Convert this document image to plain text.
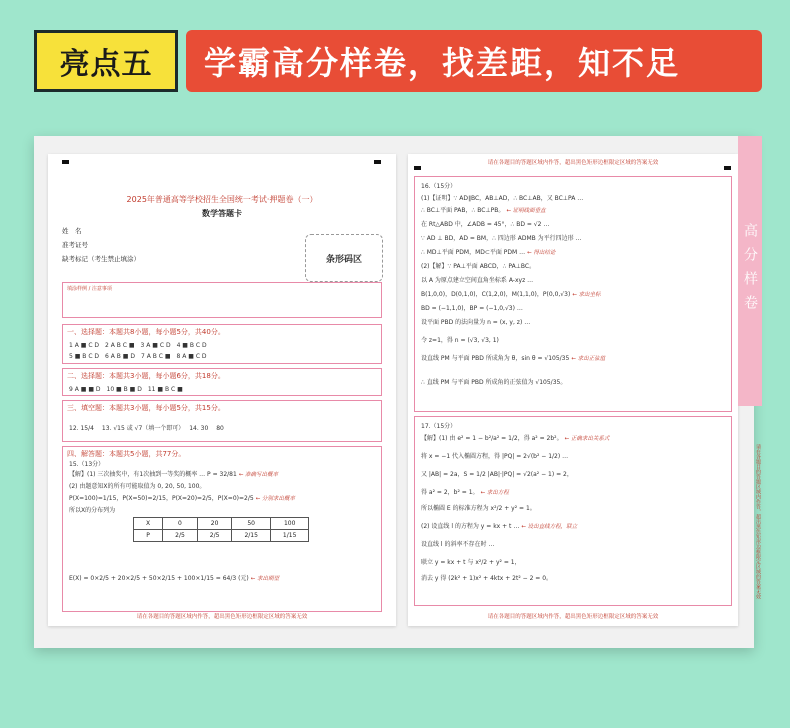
亮点五	学霸高分样卷，找差距，知不足
2025年普通高等学校招生全国统一考试·押题卷（一）
数学答题卡
姓　名
准考证号
缺考标记（考生禁止填涂）	条形码区
填涂样例 / 注意事项
一、选择题：本题共8小题，每小题5分，共40分。
1 A ■ C D　2 A B C ■　3 A ■ C D　4 ■ B C D
5 ■ B C D　6 A B ■ D　7 A B C ■　8 A ■ C D
二、选择题：本题共3小题，每小题6分，共18分。
9 A ■ ■ D　10 ■ B ■ D　11 ■ B C ■
三、填空题：本题共3小题，每小题5分，共15分。
12. 15/4　 13. √15 或 √7（填一个即可）　 14. 30　 80
四、解答题：本题共5小题，共77分。
15.（13分）
【解】(1) 三次抽奖中，有1次抽到一等奖的概率 … P = 32/81 ← 准确写出概率
(2) 由题意知X的所有可能取值为 0, 20, 50, 100。
P(X=100)=1/15，P(X=50)=2/15，P(X=20)=2/5，P(X=0)=2/5 ← 分别求出概率
所以X的分布列为
X	0	20	50	100
P	2/5	2/5	2/15	1/15
E(X) = 0×2/5 + 20×2/5 + 50×2/15 + 100×1/15 = 64/3 (元) ← 求出期望
请在各题目的答题区域内作答，超出黑色矩形边框限定区域的答案无效
请在各题目的答题区域内作答，超出黑色矩形边框限定区域的答案无效
16.（15分）
(1)【证明】∵ AD∥BC，AB⊥AD，∴ BC⊥AB，又 BC⊥PA …
∴ BC⊥平面 PAB，∴ BC⊥PB。 ← 证明线面垂直
在 Rt△ABD 中，∠ADB = 45°，∴ BD = √2 …
∵ AD ⊥ BD，AD = BM，∴ 四边形 ADMB 为平行四边形 …
∴ MD⊥平面 PDM，MD⊂平面 PDM … ← 得出结论
(2)【解】∵ PA⊥平面 ABCD，∴ PA⊥BC。
以 A 为原点建立空间直角坐标系 A-xyz …
B(1,0,0)，D(0,1,0)，C(1,2,0)，M(1,1,0)，P(0,0,√3) ← 求出坐标
BD = (−1,1,0)，BP = (−1,0,√3) …
设平面 PBD 的法向量为 n = (x, y, z) …
令 z=1，得 n = (√3, √3, 1)
设直线 PM 与平面 PBD 所成角为 θ，sin θ = √105/35 ← 求出正弦值
∴ 直线 PM 与平面 PBD 所成角的正弦值为 √105/35。
17.（15分）
【解】(1) 由 e² = 1 − b²/a² = 1/2，得 a² = 2b²。 ← 正确求出关系式
将 x = −1 代入椭圆方程，得 |PQ| = 2√(b² − 1/2) …
又 |AB| = 2a，S = 1/2 |AB|·|PQ| = √2(a² − 1) = 2，
得 a² = 2，b² = 1。 ← 求出方程
所以椭圆 E 的标准方程为 x²/2 + y² = 1。
(2) 设直线 l 的方程为 y = kx + t … ← 设出直线方程，联立
设直线 l 的斜率不存在时 …
联立 y = kx + t 与 x²/2 + y² = 1，
消去 y 得 (2k² + 1)x² + 4ktx + 2t² − 2 = 0。
请在各题目的答题区域内作答，超出黑色矩形边框限定区域的答案无效
高分样卷
请在各题目的答题区域内作答，超出黑色矩形边框限定区域的答案无效
